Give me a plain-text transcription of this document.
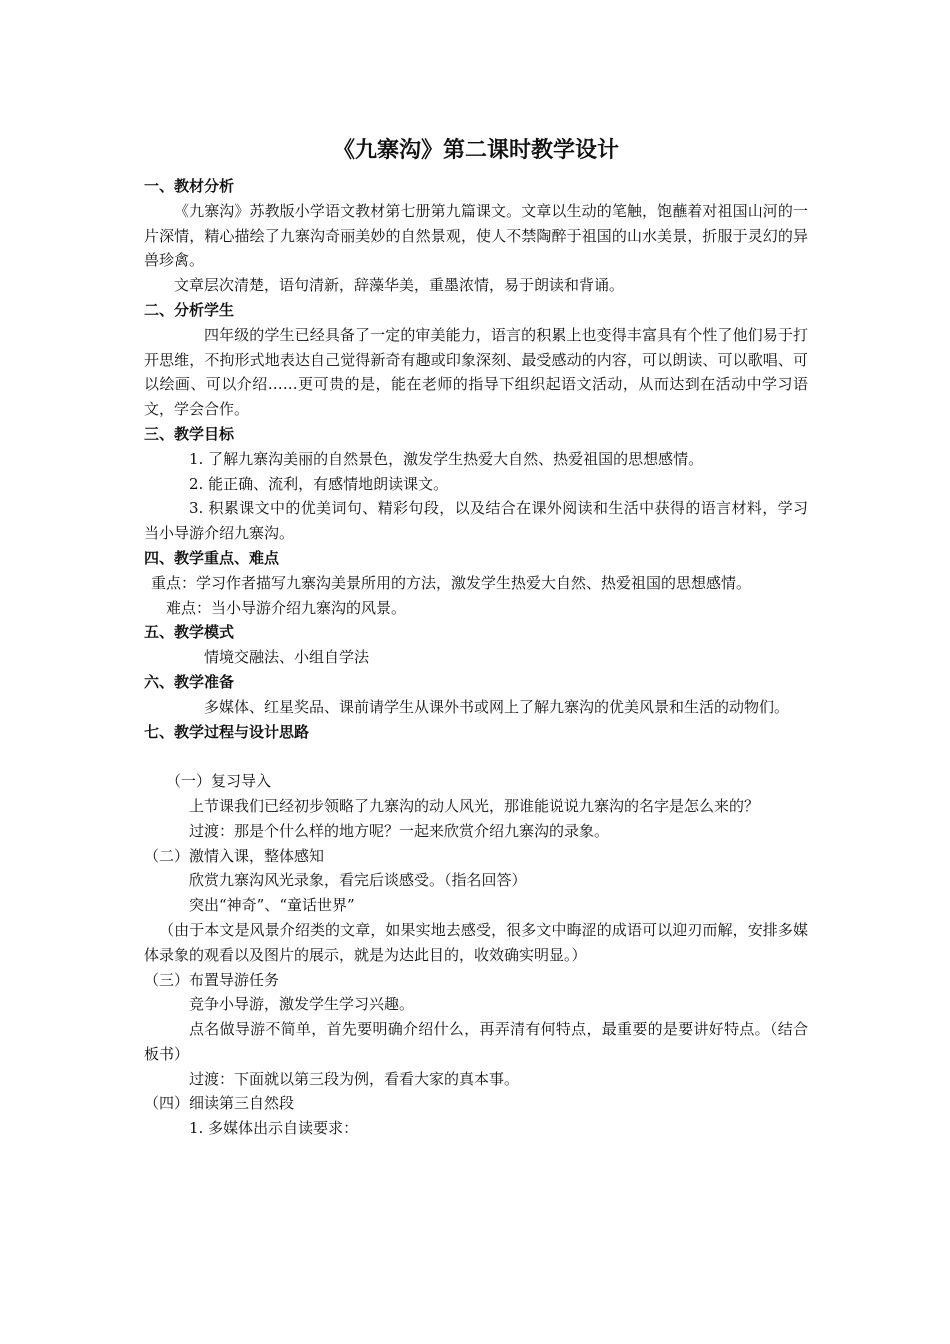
《九寨沟》第二课时教学设计
一、教材分析

《九寨沟》苏教版小学语文教材第七册第九篇课文。文章以生动的笔触，饱蘸着对祖国山河的一片深情，精心描绘了九寨沟奇丽美妙的自然景观，使人不禁陶醉于祖国的山水美景，折服于灵幻的异兽珍禽。

文章层次清楚，语句清新，辞藻华美，重墨浓情，易于朗读和背诵。

二、分析学生

四年级的学生已经具备了一定的审美能力，语言的积累上也变得丰富具有个性了他们易于打开思维，不拘形式地表达自己觉得新奇有趣或印象深刻、最受感动的内容，可以朗读、可以歌唱、可以绘画、可以介绍……更可贵的是，能在老师的指导下组织起语文活动，从而达到在活动中学习语文，学会合作。

三、教学目标

1. 了解九寨沟美丽的自然景色，激发学生热爱大自然、热爱祖国的思想感情。

2. 能正确、流利，有感情地朗读课文。

3. 积累课文中的优美词句、精彩句段，以及结合在课外阅读和生活中获得的语言材料，学习当小导游介绍九寨沟。

四、教学重点、难点

重点：学习作者描写九寨沟美景所用的方法，激发学生热爱大自然、热爱祖国的思想感情。

难点：当小导游介绍九寨沟的风景。

五、教学模式

情境交融法、小组自学法

六、教学准备

多媒体、红星奖品、课前请学生从课外书或网上了解九寨沟的优美风景和生活的动物们。

七、教学过程与设计思路

（一）复习导入

上节课我们已经初步领略了九寨沟的动人风光，那谁能说说九寨沟的名字是怎么来的？

过渡：那是个什么样的地方呢？一起来欣赏介绍九寨沟的录象。

（二）激情入课，整体感知

欣赏九寨沟风光录象，看完后谈感受。（指名回答）

突出“神奇”、“童话世界”

（由于本文是风景介绍类的文章，如果实地去感受，很多文中晦涩的成语可以迎刃而解，安排多媒体录象的观看以及图片的展示，就是为达此目的，收效确实明显。）

（三）布置导游任务

竞争小导游，激发学生学习兴趣。

点名做导游不简单，首先要明确介绍什么，再弄清有何特点，最重要的是要讲好特点。（结合板书）

过渡：下面就以第三段为例，看看大家的真本事。

（四）细读第三自然段

1. 多媒体出示自读要求：
